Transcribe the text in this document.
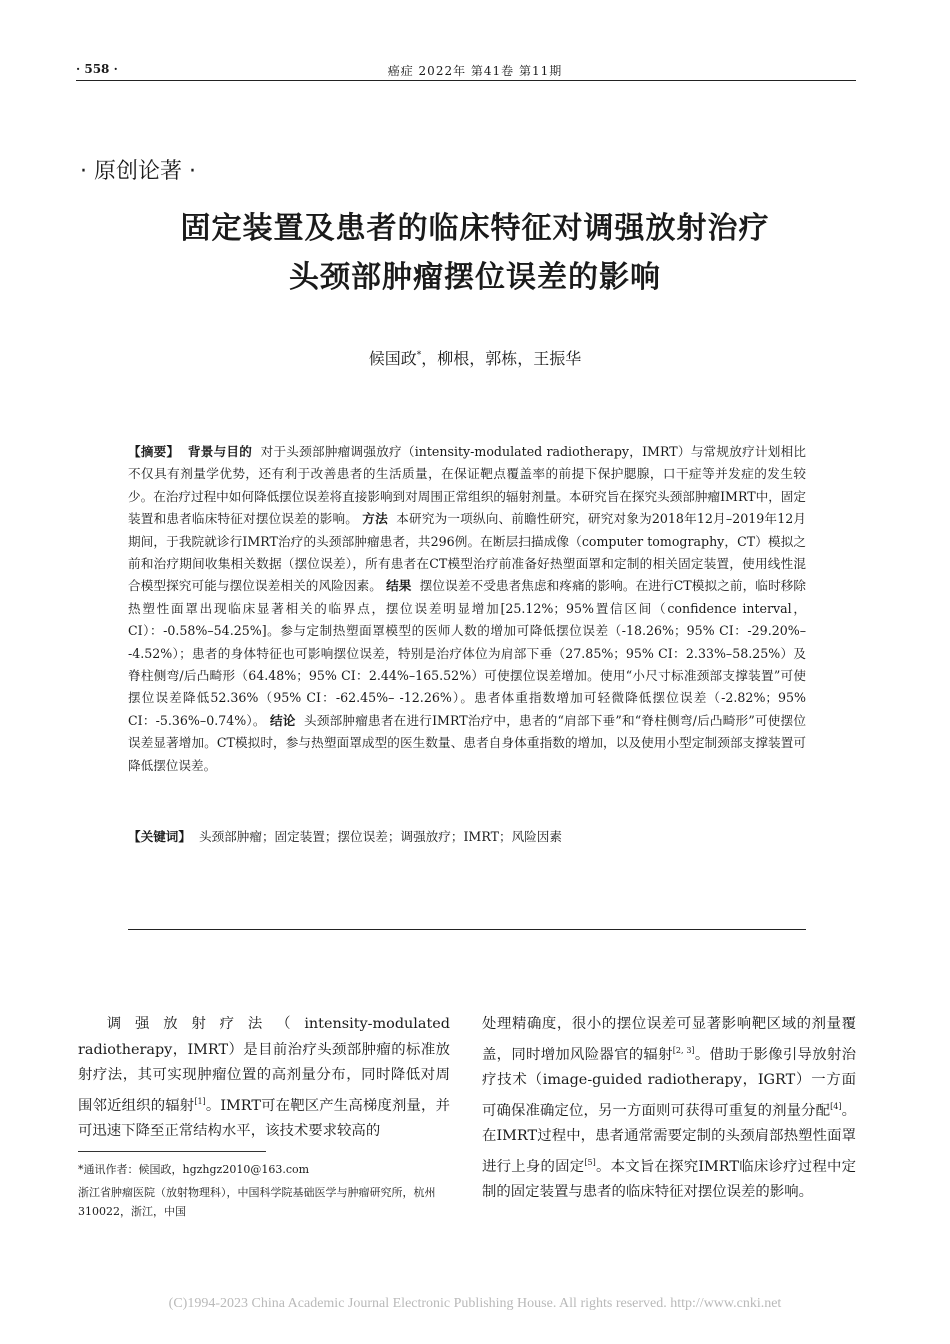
· 558 ·	癌症 2022年 第41卷 第11期
· 原创论著 ·
固定装置及患者的临床特征对调强放射治疗
头颈部肿瘤摆位误差的影响
候国政*，柳根，郭栋，王振华
【摘要】 背景与目的 对于头颈部肿瘤调强放疗（intensity-modulated radiotherapy，IMRT）与常规放疗计划相比不仅具有剂量学优势，还有利于改善患者的生活质量，在保证靶点覆盖率的前提下保护腮腺，口干症等并发症的发生较少。在治疗过程中如何降低摆位误差将直接影响到对周围正常组织的辐射剂量。本研究旨在探究头颈部肿瘤IMRT中，固定装置和患者临床特征对摆位误差的影响。 方法 本研究为一项纵向、前瞻性研究，研究对象为2018年12月–2019年12月期间，于我院就诊行IMRT治疗的头颈部肿瘤患者，共296例。在断层扫描成像（computer tomography，CT）模拟之前和治疗期间收集相关数据（摆位误差），所有患者在CT模型治疗前准备好热塑面罩和定制的相关固定装置，使用线性混合模型探究可能与摆位误差相关的风险因素。 结果 摆位误差不受患者焦虑和疼痛的影响。在进行CT模拟之前，临时移除热塑性面罩出现临床显著相关的临界点，摆位误差明显增加[25.12%；95%置信区间（confidence interval，CI）：-0.58%–54.25%]。参与定制热塑面罩模型的医师人数的增加可降低摆位误差（-18.26%；95% CI：-29.20%– -4.52%）；患者的身体特征也可影响摆位误差，特别是治疗体位为肩部下垂（27.85%；95% CI：2.33%–58.25%）及脊柱侧弯/后凸畸形（64.48%；95% CI：2.44%–165.52%）可使摆位误差增加。使用“小尺寸标准颈部支撑装置”可使摆位误差降低52.36%（95% CI：-62.45%– -12.26%）。患者体重指数增加可轻微降低摆位误差（-2.82%；95% CI：-5.36%–0.74%）。 结论 头颈部肿瘤患者在进行IMRT治疗中，患者的“肩部下垂”和“脊柱侧弯/后凸畸形”可使摆位误差显著增加。CT模拟时，参与热塑面罩成型的医生数量、患者自身体重指数的增加，以及使用小型定制颈部支撑装置可降低摆位误差。
【关键词】 头颈部肿瘤；固定装置；摆位误差；调强放疗；IMRT；风险因素
调强放射疗法（intensity-modulated radiotherapy，IMRT）是目前治疗头颈部肿瘤的标准放射疗法，其可实现肿瘤位置的高剂量分布，同时降低对周围邻近组织的辐射[1]。IMRT可在靶区产生高梯度剂量，并可迅速下降至正常结构水平，该技术要求较高的
处理精确度，很小的摆位误差可显著影响靶区域的剂量覆盖，同时增加风险器官的辐射[2, 3]。借助于影像引导放射治疗技术（image-guided radiotherapy，IGRT）一方面可确保准确定位，另一方面则可获得可重复的剂量分配[4]。在IMRT过程中，患者通常需要定制的头颈肩部热塑性面罩进行上身的固定[5]。本文旨在探究IMRT临床诊疗过程中定制的固定装置与患者的临床特征对摆位误差的影响。
*通讯作者：候国政，hgzhgz2010@163.com
浙江省肿瘤医院（放射物理科），中国科学院基础医学与肿瘤研究所，杭州 310022，浙江，中国
(C)1994-2023 China Academic Journal Electronic Publishing House. All rights reserved. http://www.cnki.net
